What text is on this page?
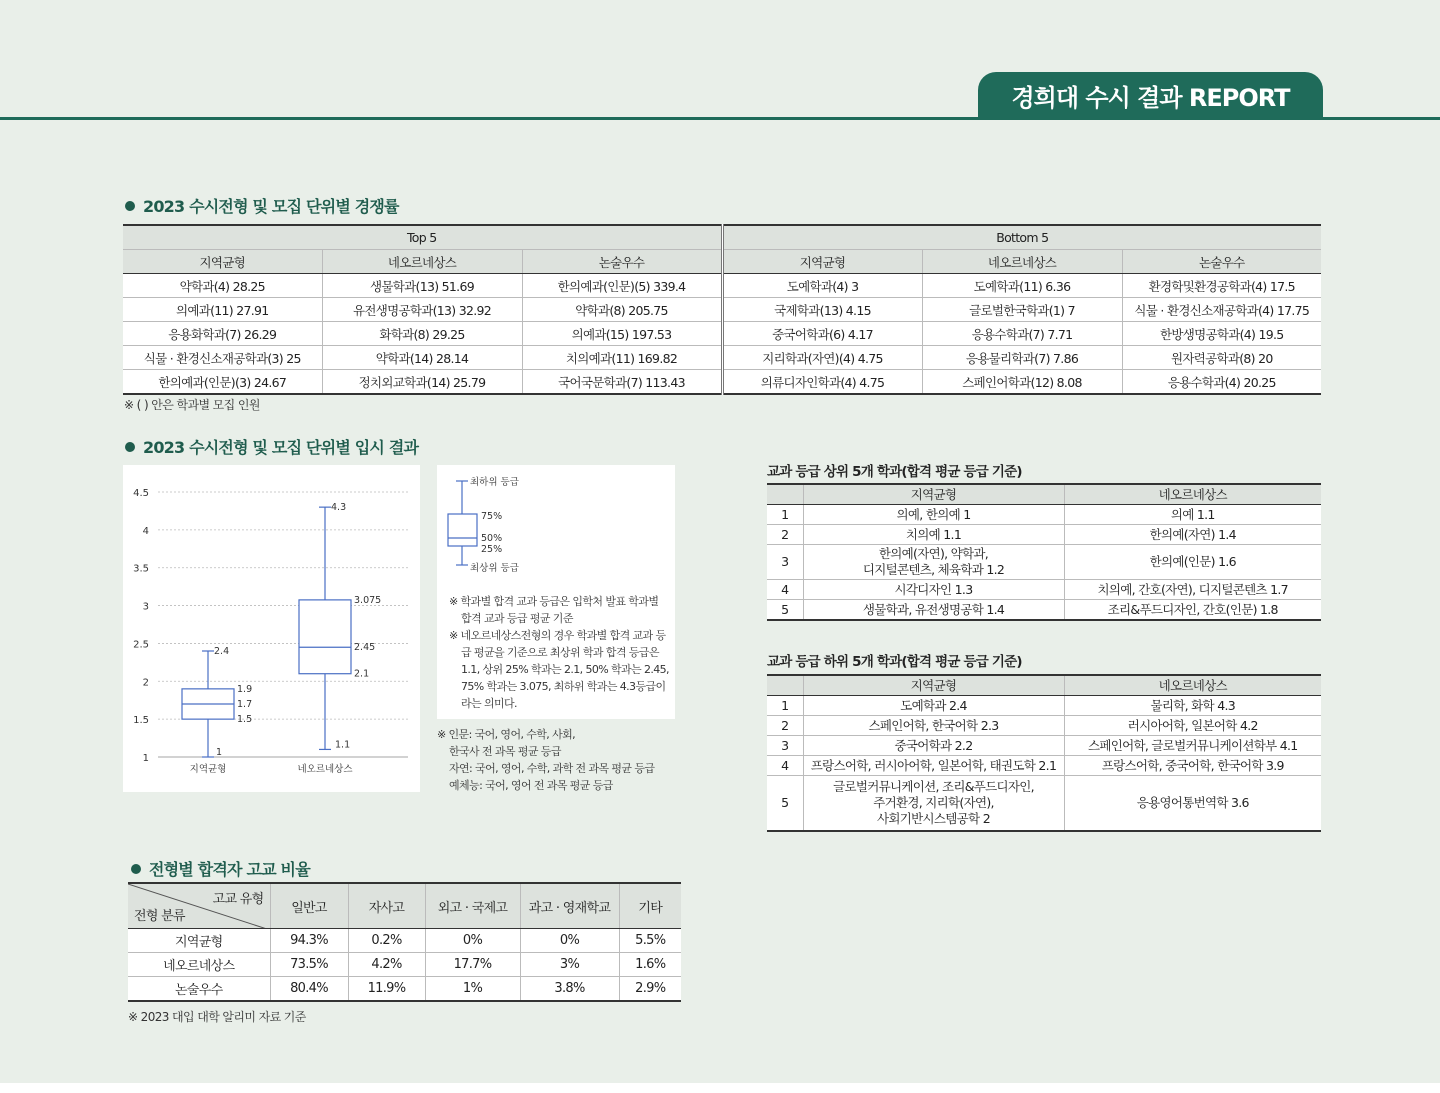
경희대 수시 결과 REPORT
2023 수시전형 및 모집 단위별 경쟁률
Top 5			Bottom 5		
지역균형	네오르네상스	논술우수	지역균형	네오르네상스	논술우수
약학과(4) 28.25	생물학과(13) 51.69	한의예과(인문)(5) 339.4	도예학과(4) 3	도예학과(11) 6.36	환경학및환경공학과(4) 17.5
의예과(11) 27.91	유전생명공학과(13) 32.92	약학과(8) 205.75	국제학과(13) 4.15	글로벌한국학과(1) 7	식물 · 환경신소재공학과(4) 17.75
응용화학과(7) 26.29	화학과(8) 29.25	의예과(15) 197.53	중국어학과(6) 4.17	응용수학과(7) 7.71	한방생명공학과(4) 19.5
식물 · 환경신소재공학과(3) 25	약학과(14) 28.14	치의예과(11) 169.82	지리학과(자연)(4) 4.75	응용물리학과(7) 7.86	원자력공학과(8) 20
한의예과(인문)(3) 24.67	정치외교학과(14) 25.79	국어국문학과(7) 113.43	의류디자인학과(4) 4.75	스페인어학과(12) 8.08	응용수학과(4) 20.25
※ ( ) 안은 학과별 모집 인원
2023 수시전형 및 모집 단위별 입시 결과
1
1.5
2
2.5
3
3.5
4
4.5
2.4
1.9
1.7
1.5
1
지역균형
4.3
3.075
2.45
2.1
1.1
네오르네상스
최하위 등급
75%
50%
25%
최상위 등급
※ 학과별 합격 교과 등급은 입학처 발표 학과별 합격 교과 등급 평균 기준
※ 네오르네상스전형의 경우 학과별 합격 교과 등급 평균을 기준으로 최상위 학과 합격 등급은 1.1, 상위 25% 학과는 2.1, 50% 학과는 2.45, 75% 학과는 3.075, 최하위 학과는 4.3등급이라는 의미다.
※ 인문: 국어, 영어, 수학, 사회,
한국사 전 과목 평균 등급
자연: 국어, 영어, 수학, 과학 전 과목 평균 등급
예체능: 국어, 영어 전 과목 평균 등급
교과 등급 상위 5개 학과(합격 평균 등급 기준)
	지역균형	네오르네상스
1	의예, 한의예 1	의예 1.1
2	치의예 1.1	한의예(자연) 1.4
3	한의예(자연), 약학과,
디지털콘텐츠, 체육학과 1.2	한의예(인문) 1.6
4	시각디자인 1.3	치의예, 간호(자연), 디지털콘텐츠 1.7
5	생물학과, 유전생명공학 1.4	조리&푸드디자인, 간호(인문) 1.8
교과 등급 하위 5개 학과(합격 평균 등급 기준)
	지역균형	네오르네상스
1	도예학과 2.4	물리학, 화학 4.3
2	스페인어학, 한국어학 2.3	러시아어학, 일본어학 4.2
3	중국어학과 2.2	스페인어학, 글로벌커뮤니케이션학부 4.1
4	프랑스어학, 러시아어학, 일본어학, 태권도학 2.1	프랑스어학, 중국어학, 한국어학 3.9
5	글로벌커뮤니케이션, 조리&푸드디자인,
주거환경, 지리학(자연),
사회기반시스템공학 2	응용영어통번역학 3.6
전형별 합격자 고교 비율
고교 유형
전형 분류	일반고	자사고	외고 · 국제고	과고 · 영재학교	기타
지역균형	94.3%	0.2%	0%	0%	5.5%
네오르네상스	73.5%	4.2%	17.7%	3%	1.6%
논술우수	80.4%	11.9%	1%	3.8%	2.9%
※ 2023 대입 대학 알리미 자료 기준
